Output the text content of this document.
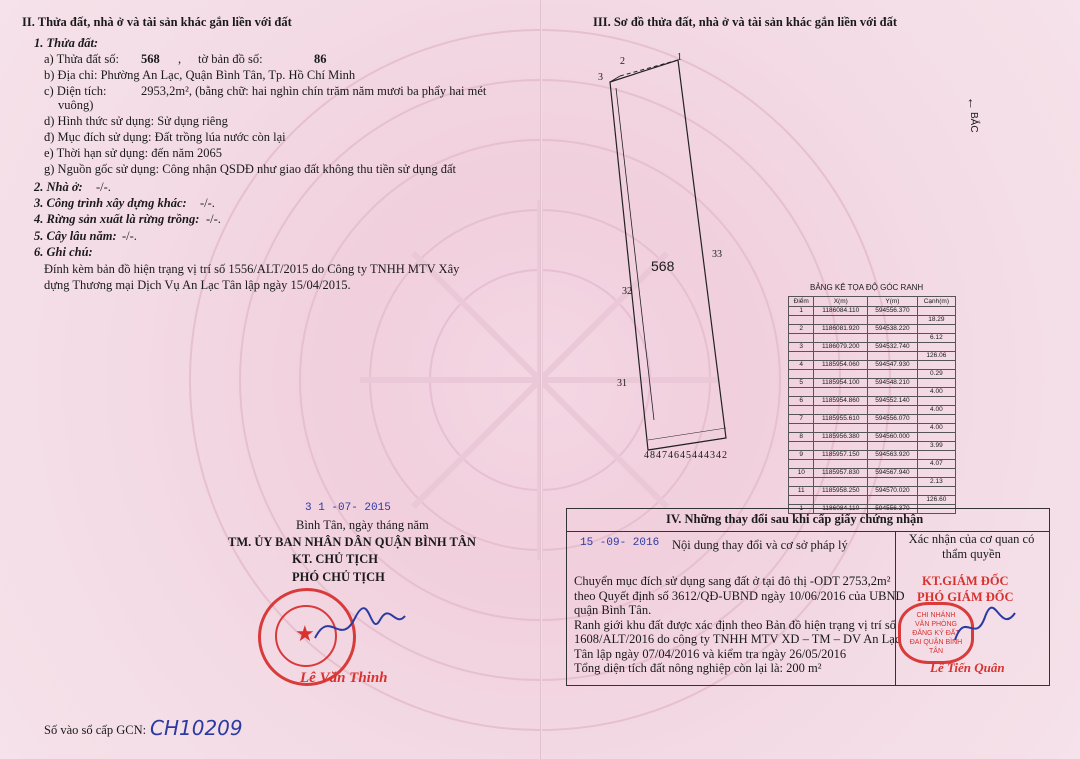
II. Thửa đất, nhà ở và tài sản khác gắn liền với đất
1. Thửa đất:
a) Thửa đất số: 568 , tờ bản đồ số:	86
b) Địa chỉ: Phường An Lạc, Quận Bình Tân, Tp. Hồ Chí Minh
c) Diện tích:	2953,2m², (bằng chữ: hai nghìn chín trăm năm mươi ba phẩy hai mét
vuông)
d) Hình thức sử dụng: Sử dụng riêng
đ) Mục đích sử dụng: Đất trồng lúa nước còn lại
e) Thời hạn sử dụng: đến năm 2065
g) Nguồn gốc sử dụng: Công nhận QSDĐ như giao đất không thu tiền sử dụng đất
2. Nhà ở: -/-.
3. Công trình xây dựng khác: -/-.
4. Rừng sản xuất là rừng trồng: -/-.
5. Cây lâu năm: -/-.
6. Ghi chú:
Đính kèm bản đồ hiện trạng vị trí số 1556/ALT/2015 do Công ty TNHH MTV Xây
dựng Thương mại Dịch Vụ An Lạc Tân lập ngày 15/04/2015.
3 1 -07- 2015
Bình Tân, ngày tháng năm
TM. ỦY BAN NHÂN DÂN QUẬN BÌNH TÂN
KT. CHỦ TỊCH
PHÓ CHỦ TỊCH
★
Lê Văn Thinh
Số vào sổ cấp GCN: CH10209
III. Sơ đồ thửa đất, nhà ở và tài sản khác gắn liền với đất
1
2
3
568
33
32
31
48474645444342
BẮC
↑
BẢNG KÊ TỌA ĐỘ GÓC RANH
Điểm	X(m)	Y(m)	Cạnh(m)
1	1186084.110	594556.370	
			18.29
2	1186081.920	594538.220	
			6.12
3	1186079.200	594532.740	
			126.06
4	1185954.060	594547.930	
			0.29
5	1185954.100	594548.210	
			4.00
6	1185954.860	594552.140	
			4.00
7	1185955.610	594556.070	
			4.00
8	1185956.380	594560.000	
			3.99
9	1185957.150	594563.920	
			4.07
10	1185957.830	594567.940	
			2.13
11	1185958.250	594570.020	
			126.60
1	1186084.110	594556.370	
IV. Những thay đổi sau khi cấp giấy chứng nhận
15 -09- 2016 Nội dung thay đổi và cơ sở pháp lý	Xác nhận của cơ quan có thẩm quyền
Chuyển mục đích sử dụng sang đất ở tại đô thị -ODT 2753,2m²
theo Quyết định số 3612/QĐ-UBND ngày 10/06/2016 của UBND
quận Bình Tân.
Ranh giới khu đất được xác định theo Bản đồ hiện trạng vị trí số
1608/ALT/2016 do công ty TNHH MTV XD – TM – DV An Lạc
Tân lập ngày 07/04/2016 và kiểm tra ngày 26/05/2016
Tổng diện tích đất nông nghiệp còn lại là: 200 m²
KT.GIÁM ĐỐC
PHÓ GIÁM ĐỐC
CHI NHÁNH VĂN PHÒNG ĐĂNG KÝ ĐẤT ĐAI QUẬN BÌNH TÂN
Lê Tiến Quân
